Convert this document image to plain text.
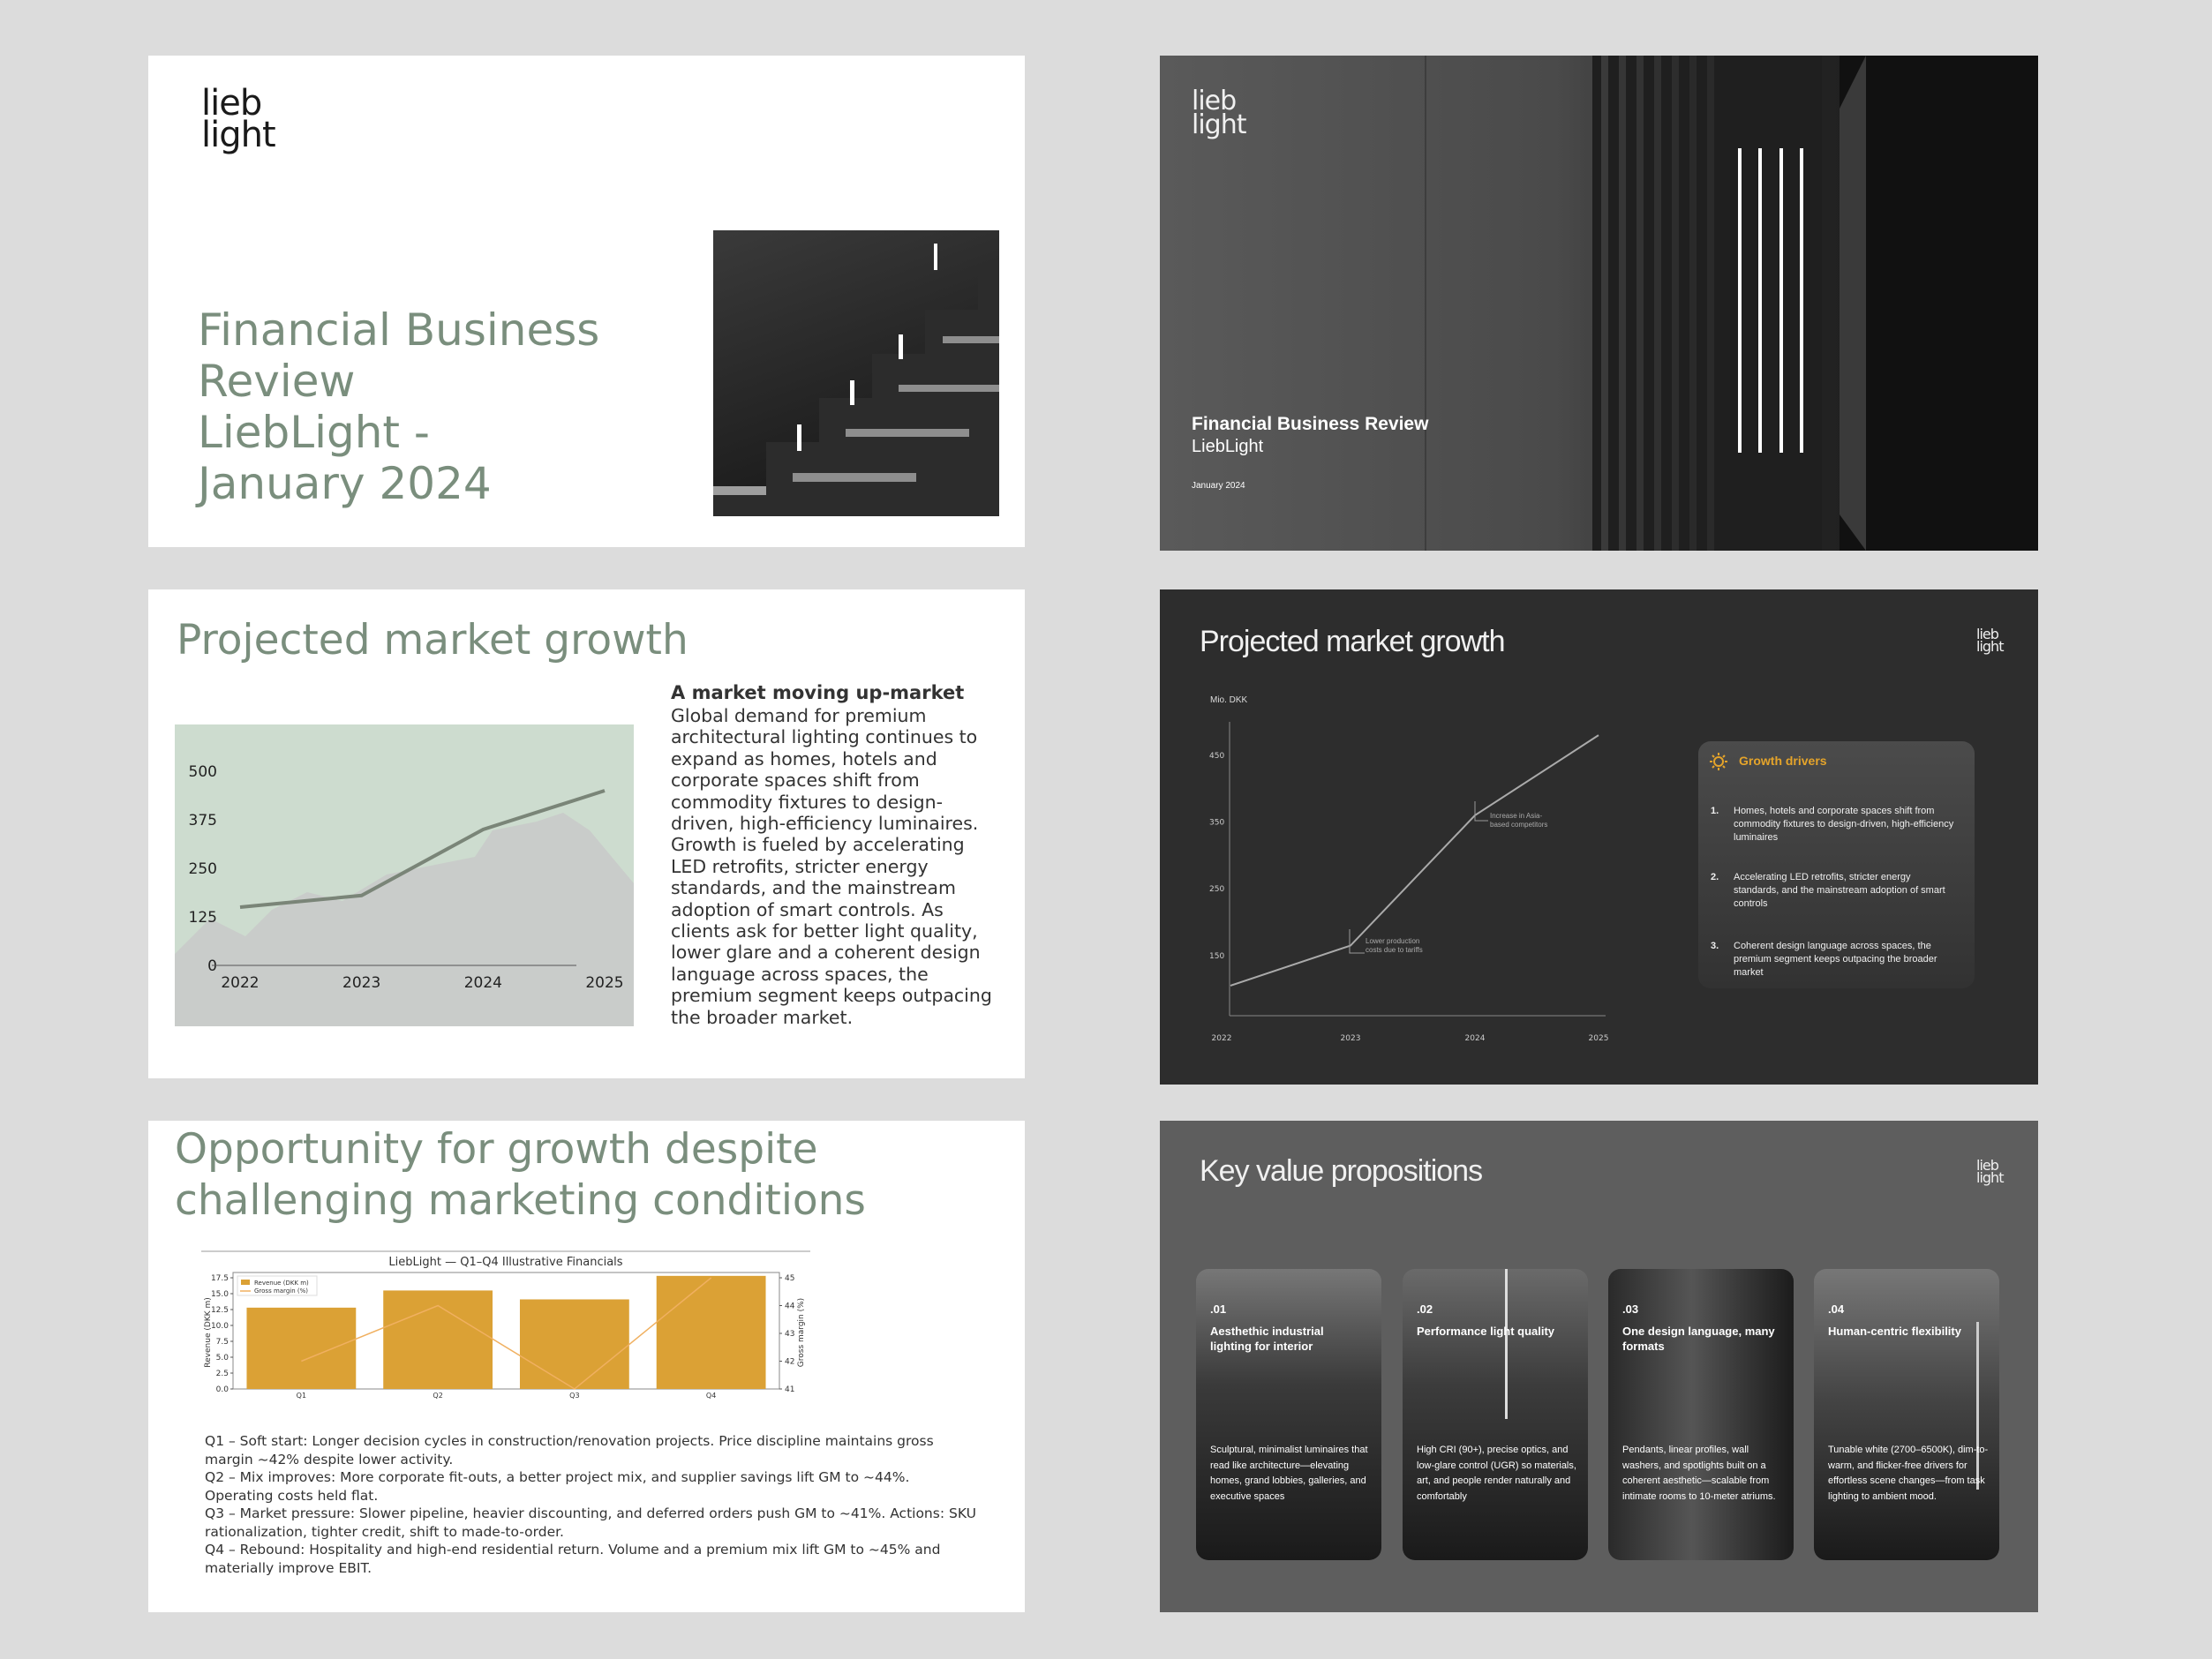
lieb
light
Financial Business
Review
LiebLight -
January 2024
lieb
light
Financial Business Review
LiebLight
January 2024
Projected market growth
500
375
250
125
0
2022	2023	2024	2025
A market moving up-market
Global demand for premium architectural lighting continues to expand as homes, hotels and corporate spaces shift from commodity fixtures to design-driven, high-efficiency luminaires. Growth is fueled by accelerating LED retrofits, stricter energy standards, and the mainstream adoption of smart controls. As clients ask for better light quality, lower glare and a coherent design language across spaces, the premium segment keeps outpacing the broader market.
Projected market growth	lieb
light
Mio. DKK
450
350
250
150
2022	2023	2024	2025
Lower production costs due to tariffs
Increase in Asia-based competitors
Growth drivers
1. Homes, hotels and corporate spaces shift from commodity fixtures to design-driven, high-efficiency luminaires
2. Accelerating LED retrofits, stricter energy standards, and the mainstream adoption of smart controls
3. Coherent design language across spaces, the premium segment keeps outpacing the broader market
Opportunity for growth despite challenging marketing conditions
LiebLight — Q1–Q4 Illustrative Financials
17.5
15.0
12.5
10.0
7.5
5.0
2.5
0.0
45
44
43
42
41
Q1	Q2	Q3	Q4
Revenue (DKK m)	Gross margin (%)
Revenue (DKK m)
Gross margin (%)
Q1 – Soft start: Longer decision cycles in construction/renovation projects. Price discipline maintains gross margin ~42% despite lower activity.
Q2 – Mix improves: More corporate fit-outs, a better project mix, and supplier savings lift GM to ~44%. Operating costs held flat.
Q3 – Market pressure: Slower pipeline, heavier discounting, and deferred orders push GM to ~41%. Actions: SKU rationalization, tighter credit, shift to made-to-order.
Q4 – Rebound: Hospitality and high-end residential return. Volume and a premium mix lift GM to ~45% and materially improve EBIT.
Key value propositions	lieb
light
.01
Aesthethic industrial lighting for interior
Sculptural, minimalist luminaires that read like architecture—elevating homes, grand lobbies, galleries, and executive spaces
.02
Performance light quality
High CRI (90+), precise optics, and low-glare control (UGR) so materials, art, and people render naturally and comfortably
.03
One design language, many formats
Pendants, linear profiles, wall washers, and spotlights built on a coherent aesthetic—scalable from intimate rooms to 10-meter atriums.
.04
Human-centric flexibility
Tunable white (2700–6500K), dim-to-warm, and flicker-free drivers for effortless scene changes—from task lighting to ambient mood.
